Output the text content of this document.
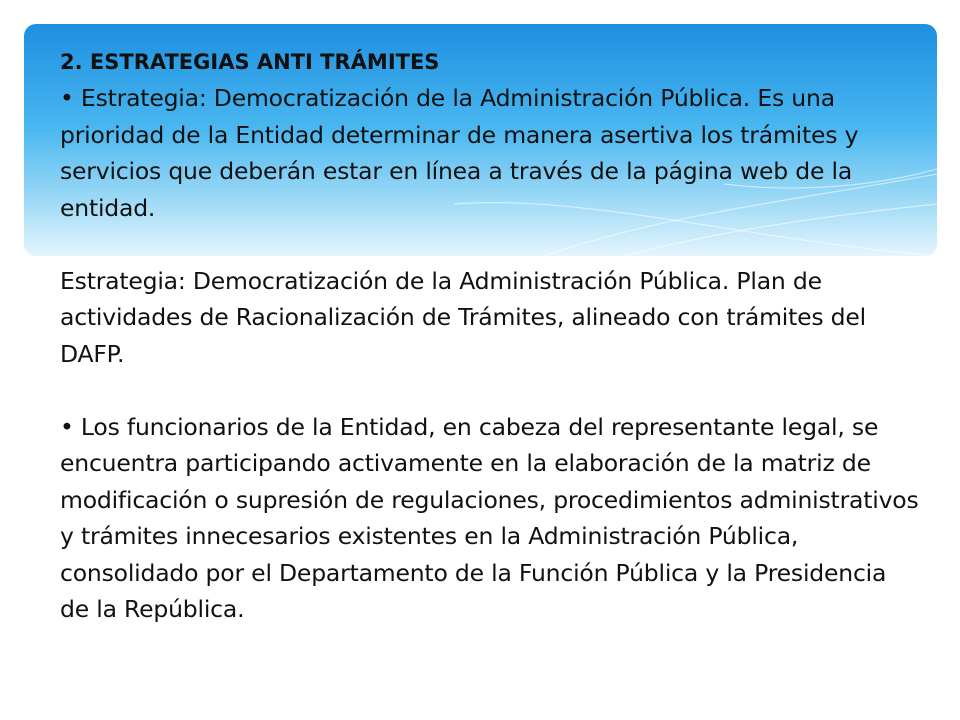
2. ESTRATEGIAS ANTI TRÁMITES

• Estrategia: Democratización de la Administración Pública. Es una prioridad de la Entidad determinar de manera asertiva los trámites y servicios que deberán estar en línea a través de la página web de la entidad.

Estrategia: Democratización de la Administración Pública. Plan de actividades de Racionalización de Trámites, alineado con trámites del DAFP.

• Los funcionarios de la Entidad, en cabeza del representante legal, se encuentra participando activamente en la elaboración de la matriz de modificación o supresión de regulaciones, procedimientos administrativos y trámites innecesarios existentes en la Administración Pública, consolidado por el Departamento de la Función Pública y la Presidencia de la República.
